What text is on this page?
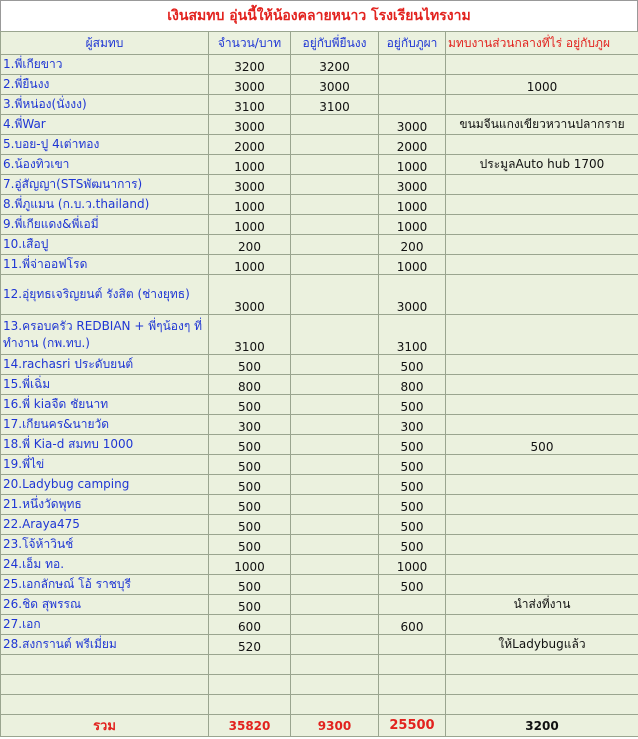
เงินสมทบ อุ่นนี้ให้น้องคลายหนาว โรงเรียนไทรงาม
ผู้สมทบ	จำนวน/บาท	อยู่กับพี่ยืนงง	อยู่กับภูผา	มทบงานส่วนกลางที่ไร่ อยู่กับภูผ
1.พี่เกียขาว	3200	3200		
2.พี่ยืนงง	3000	3000		1000
3.พี่หน่อง(นั่งงง)	3100	3100		
4.พี่War	3000		3000	ขนมจีนแกงเขียวหวานปลากราย
5.บอย-ปู 4เต่าทอง	2000		2000	
6.น้องทิวเขา	1000		1000	ประมูลAuto hub 1700
7.อู่สัญญา(STSพัฒนาการ)	3000		3000	
8.พี่ภูแมน (ก.บ.ว.thailand)	1000		1000	
9.พี่เกียแดง&พี่เอมี่	1000		1000	
10.เสือปู	200		200	
11.พี่จ่าออฟโรด	1000		1000	
12.อุ่ยุทธเจริญยนต์ รังสิต (ช่างยุทธ)	3000		3000	
13.ครอบครัว REDBIAN + พี่ๆน้องๆ ที่ทำงาน (กพ.ทบ.)	3100		3100	
14.rachasri ประดับยนต์	500		500	
15.พี่เฉิ่ม	800		800	
16.พี่ kiaจืด ชัยนาท	500		500	
17.เกียนคร&นายวัด	300		300	
18.พี่ Kia-d สมทบ 1000	500		500	500
19.พี่ไข่	500		500	
20.Ladybug camping	500		500	
21.หนึ่งวัดพุทธ	500		500	
22.Araya475	500		500	
23.โจ้ห้าวินช์	500		500	
24.เอ็ม ทอ.	1000		1000	
25.เอกลักษณ์ โอ้ ราชบุรี	500		500	
26.ชิด สุพรรณ	500			นำส่งที่งาน
27.เอก	600		600	
28.สงกรานต์ พรีเมี่ยม	520			ให้Ladybugแล้ว

รวม	35820	9300	25500	3200
